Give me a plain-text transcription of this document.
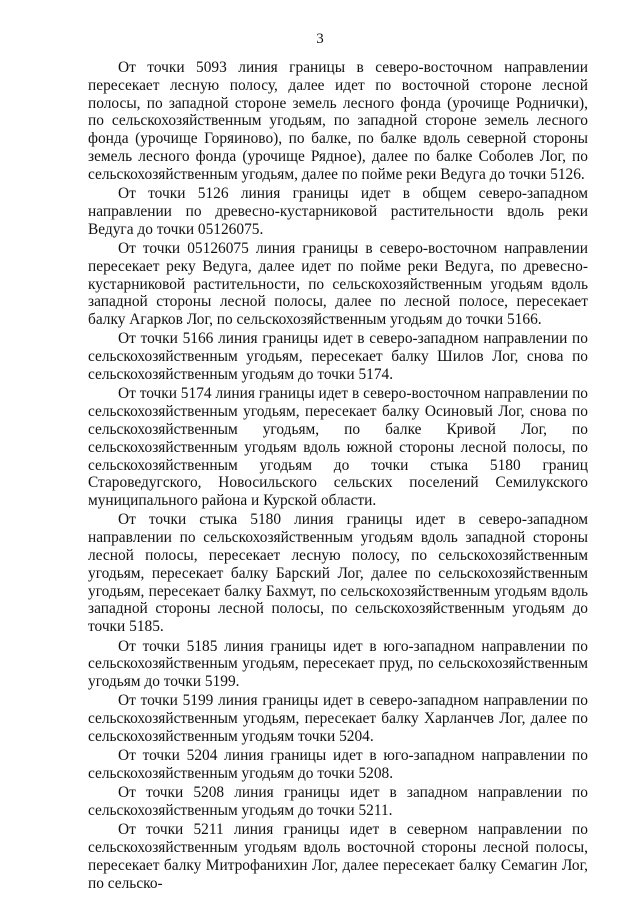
3

От точки 5093 линия границы в северо-восточном направлении пересекает лесную полосу, далее идет по восточной стороне лесной полосы, по западной стороне земель лесного фонда (урочище Роднички), по сельскохозяйственным угодьям, по западной стороне земель лесного фонда (урочище Горяиново), по балке, по балке вдоль северной стороны земель лесного фонда (урочище Рядное), далее по балке Соболев Лог, по сельскохозяйственным угодьям, далее по пойме реки Ведуга до точки 5126.

От точки 5126 линия границы идет в общем северо-западном направлении по древесно-кустарниковой растительности вдоль реки Ведуга до точки 05126075.

От точки 05126075 линия границы в северо-восточном направлении пересекает реку Ведуга, далее идет по пойме реки Ведуга, по древесно-кустарниковой растительности, по сельскохозяйственным угодьям вдоль западной стороны лесной полосы, далее по лесной полосе, пересекает балку Агарков Лог, по сельскохозяйственным угодьям до точки 5166.

От точки 5166 линия границы идет в северо-западном направлении по сельскохозяйственным угодьям, пересекает балку Шилов Лог, снова по сельскохозяйственным угодьям до точки 5174.

От точки 5174 линия границы идет в северо-восточном направлении по сельскохозяйственным угодьям, пересекает балку Осиновый Лог, снова по сельскохозяйственным угодьям, по балке Кривой Лог, по сельскохозяйственным угодьям вдоль южной стороны лесной полосы, по сельскохозяйственным угодьям до точки стыка 5180 границ Староведугского, Новосильского сельских поселений Семилукского муниципального района и Курской области.

От точки стыка 5180 линия границы идет в северо-западном направлении по сельскохозяйственным угодьям вдоль западной стороны лесной полосы, пересекает лесную полосу, по сельскохозяйственным угодьям, пересекает балку Барский Лог, далее по сельскохозяйственным угодьям, пересекает балку Бахмут, по сельскохозяйственным угодьям вдоль западной стороны лесной полосы, по сельскохозяйственным угодьям до точки 5185.

От точки 5185 линия границы идет в юго-западном направлении по сельскохозяйственным угодьям, пересекает пруд, по сельскохозяйственным угодьям до точки 5199.

От точки 5199 линия границы идет в северо-западном направлении по сельскохозяйственным угодьям, пересекает балку Харланчев Лог, далее по сельскохозяйственным угодьям точки 5204.

От точки 5204 линия границы идет в юго-западном направлении по сельскохозяйственным угодьям до точки 5208.

От точки 5208 линия границы идет в западном направлении по сельскохозяйственным угодьям до точки 5211.

От точки 5211 линия границы идет в северном направлении по сельскохозяйственным угодьям вдоль восточной стороны лесной полосы, пересекает балку Митрофанихин Лог, далее пересекает балку Семагин Лог, по сельско-
